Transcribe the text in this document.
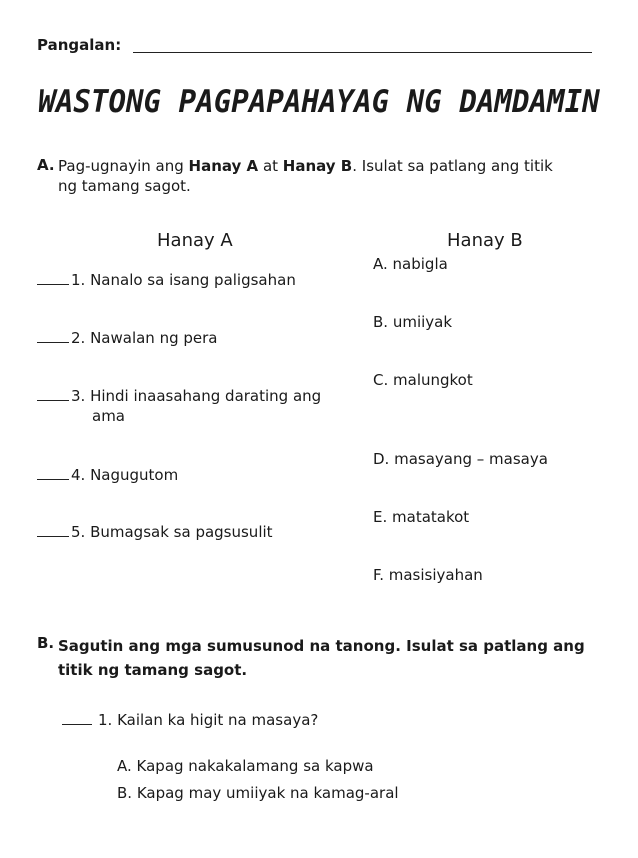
Pangalan:
WASTONG PAGPAPAHAYAG NG DAMDAMIN
A. Pag-ugnayin ang Hanay A at Hanay B. Isulat sa patlang ang titik
ng tamang sagot.
Hanay A	Hanay B
1. Nanalo sa isang paligsahan
2. Nawalan ng pera
3. Hindi inaasahang darating ang
ama
4. Nagugutom
5. Bumagsak sa pagsusulit
A. nabigla
B. umiiyak
C. malungkot
D. masayang – masaya
E. matatakot
F. masisiyahan
B. Sagutin ang mga sumusunod na tanong. Isulat sa patlang ang
titik ng tamang sagot.
1. Kailan ka higit na masaya?
A. Kapag nakakalamang sa kapwa
B. Kapag may umiiyak na kamag-aral
